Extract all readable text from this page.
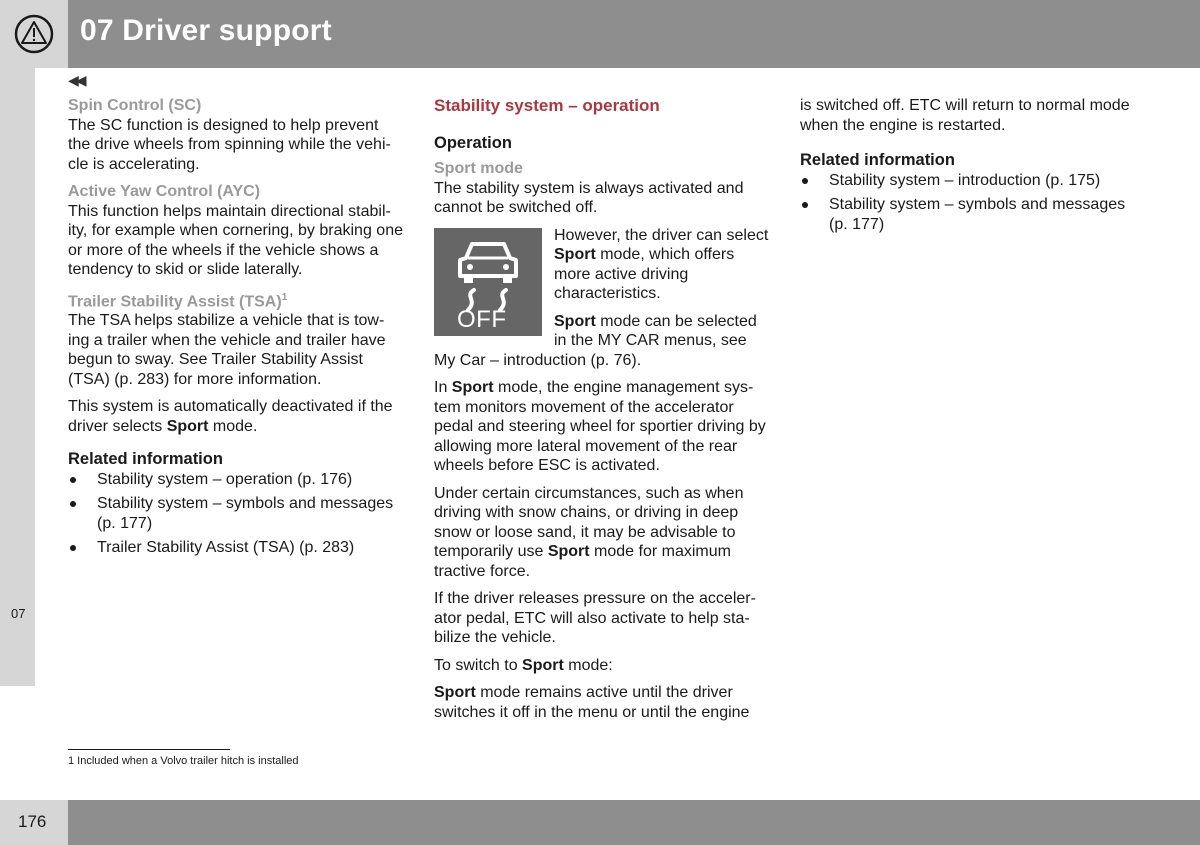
07 Driver support
◀◀
07

Spin Control (SC)

The SC function is designed to help prevent the drive wheels from spinning while the vehi-cle is accelerating.

Active Yaw Control (AYC)

This function helps maintain directional stabil-ity, for example when cornering, by braking one or more of the wheels if the vehicle shows a tendency to skid or slide laterally.

Trailer Stability Assist (TSA)$^1$

The TSA helps stabilize a vehicle that is tow-ing a trailer when the vehicle and trailer have begun to sway. See Trailer Stability Assist (TSA) (p. 283) for more information.

This system is automatically deactivated if the driver selects Sport mode.

Related information

Stability system – operation (p. 176)
Stability system – symbols and messages (p. 177)
Trailer Stability Assist (TSA) (p. 283)

Stability system – operation

Operation

Sport mode

The stability system is always activated and cannot be switched off.

OFF

However, the driver can select Sport mode, which offers more active driving characteristics.

Sport mode can be selected in the MY CAR menus, see

My Car – introduction (p. 76).

In Sport mode, the engine management sys-tem monitors movement of the accelerator pedal and steering wheel for sportier driving by allowing more lateral movement of the rear wheels before ESC is activated.

Under certain circumstances, such as when driving with snow chains, or driving in deep snow or loose sand, it may be advisable to temporarily use Sport mode for maximum tractive force.

If the driver releases pressure on the acceler-ator pedal, ETC will also activate to help sta-bilize the vehicle.

To switch to Sport mode:

Sport mode remains active until the driver switches it off in the menu or until the engine

is switched off. ETC will return to normal mode when the engine is restarted.

Related information

Stability system – introduction (p. 175)
Stability system – symbols and messages (p. 177)
1 Included when a Volvo trailer hitch is installed
176
